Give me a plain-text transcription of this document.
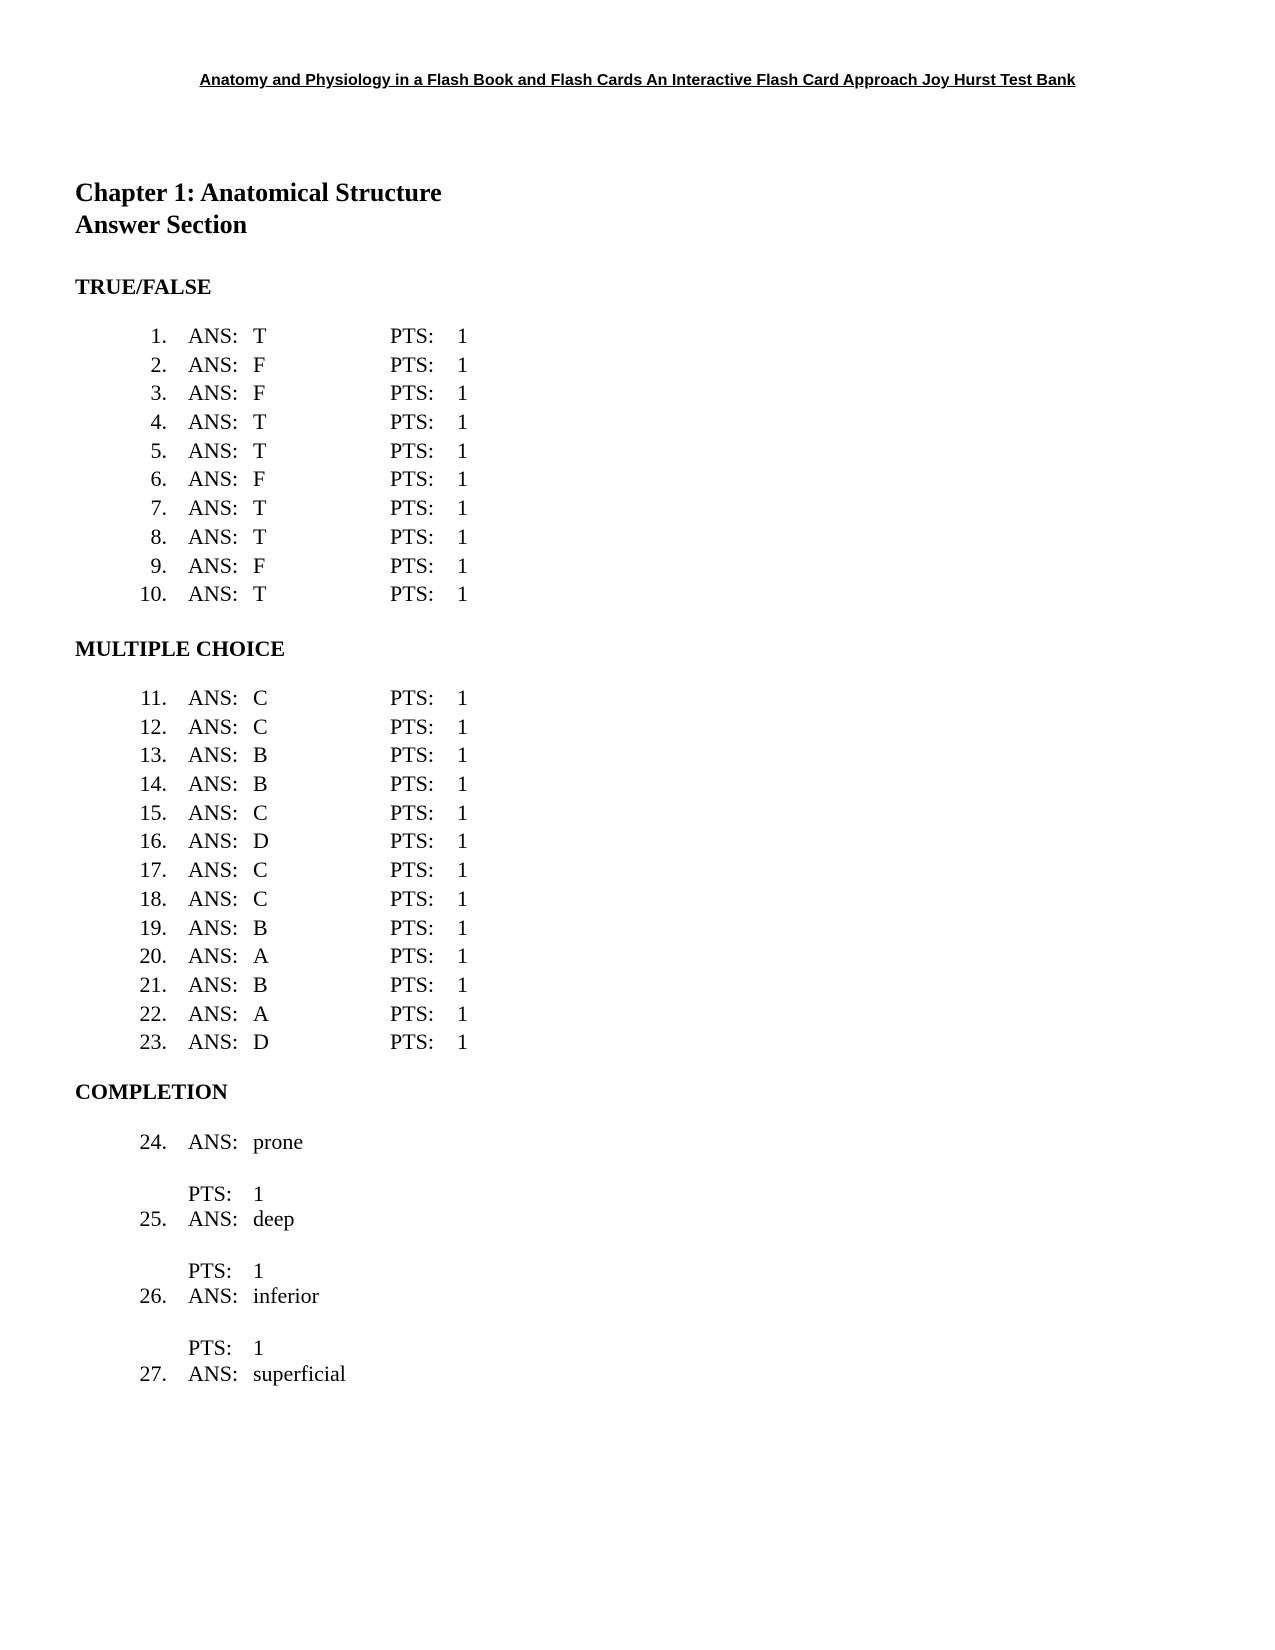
Anatomy and Physiology in a Flash Book and Flash Cards An Interactive Flash Card Approach Joy Hurst Test Bank
Chapter 1: Anatomical Structure
Answer Section
TRUE/FALSE
1. ANS: T	PTS: 1
2. ANS: F	PTS: 1
3. ANS: F	PTS: 1
4. ANS: T	PTS: 1
5. ANS: T	PTS: 1
6. ANS: F	PTS: 1
7. ANS: T	PTS: 1
8. ANS: T	PTS: 1
9. ANS: F	PTS: 1
10. ANS: T	PTS: 1
MULTIPLE CHOICE
11. ANS: C	PTS: 1
12. ANS: C	PTS: 1
13. ANS: B	PTS: 1
14. ANS: B	PTS: 1
15. ANS: C	PTS: 1
16. ANS: D	PTS: 1
17. ANS: C	PTS: 1
18. ANS: C	PTS: 1
19. ANS: B	PTS: 1
20. ANS: A	PTS: 1
21. ANS: B	PTS: 1
22. ANS: A	PTS: 1
23. ANS: D	PTS: 1
COMPLETION
24. ANS: prone
PTS: 1
25. ANS: deep
PTS: 1
26. ANS: inferior
PTS: 1
27. ANS: superficial
